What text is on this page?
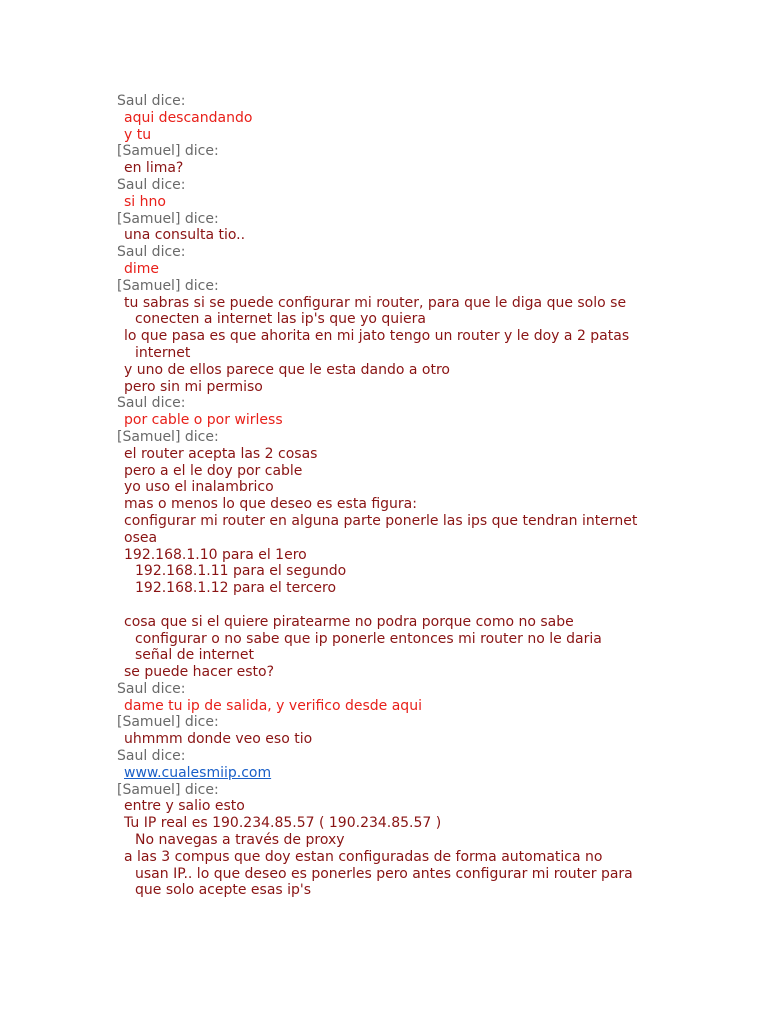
Saul dice:
aqui descandando
y tu
[Samuel] dice:
en lima?
Saul dice:
si hno
[Samuel] dice:
una consulta tio..
Saul dice:
dime
[Samuel] dice:
tu sabras si se puede configurar mi router, para que le diga que solo se
conecten a internet las ip's que yo quiera
lo que pasa es que ahorita en mi jato tengo un router y le doy a 2 patas
internet
y uno de ellos parece que le esta dando a otro
pero sin mi permiso
Saul dice:
por cable o por wirless
[Samuel] dice:
el router acepta las 2 cosas
pero a el le doy por cable
yo uso el inalambrico
mas o menos lo que deseo es esta figura:
configurar mi router en alguna parte ponerle las ips que tendran internet
osea
192.168.1.10 para el 1ero
192.168.1.11 para el segundo
192.168.1.12 para el tercero
cosa que si el quiere piratearme no podra porque como no sabe
configurar o no sabe que ip ponerle entonces mi router no le daria
señal de internet
se puede hacer esto?
Saul dice:
dame tu ip de salida, y verifico desde aqui
[Samuel] dice:
uhmmm donde veo eso tio
Saul dice:
www.cualesmiip.com
[Samuel] dice:
entre y salio esto
Tu IP real es 190.234.85.57 ( 190.234.85.57 )
No navegas a través de proxy
a las 3 compus que doy estan configuradas de forma automatica no
usan IP.. lo que deseo es ponerles pero antes configurar mi router para
que solo acepte esas ip's
